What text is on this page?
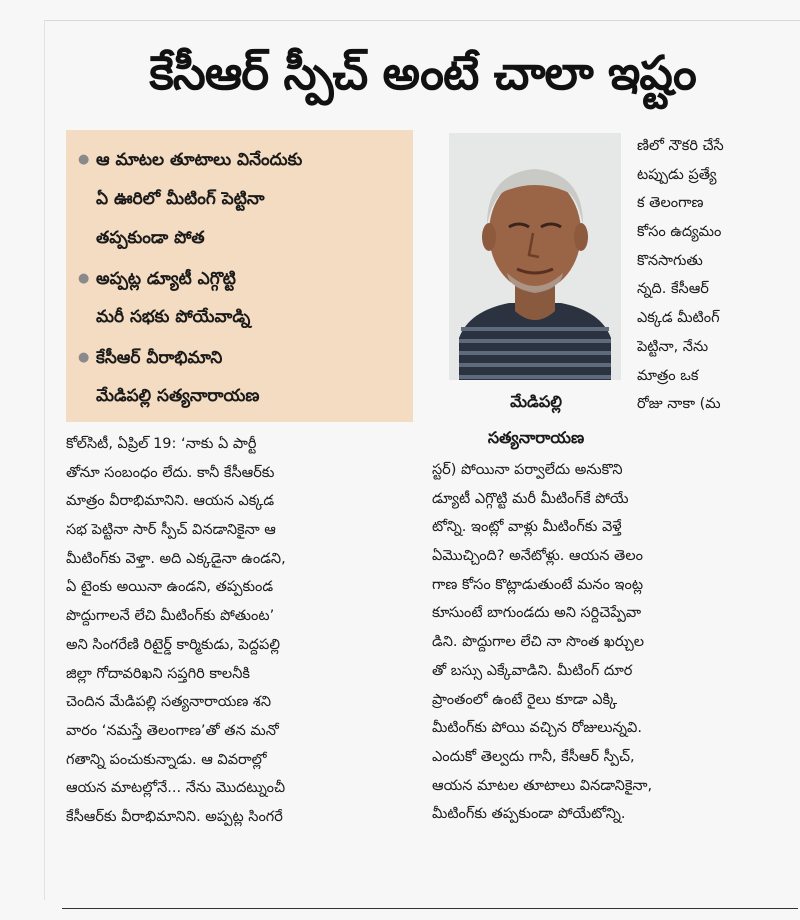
కేసీఆర్ స్పీచ్ అంటే చాలా ఇష్టం
● ఆ మాటల తూటాలు వినేందుకు
ఏ ఊరిలో మీటింగ్ పెట్టినా
తప్పకుండా పోత
● అప్పట్ల డ్యూటీ ఎగ్గొట్టి
మరీ సభకు పోయేవాడ్ని
● కేసీఆర్ వీరాభిమాని
మేడిపల్లి సత్యనారాయణ	మేడిపల్లి
సత్యనారాయణ
ణిలో నౌకరి చేసే
టప్పుడు ప్రత్యే
క తెలంగాణ
కోసం ఉద్యమం
కొనసాగుతు
న్నది. కేసీఆర్
ఎక్కడ మీటింగ్
పెట్టినా, నేను
మాత్రం ఒక
రోజు నాకా (మ
కోల్‌సిటీ, ఏప్రిల్ 19: ‘నాకు ఏ పార్టీ
తోనూ సంబంధం లేదు. కానీ కేసీఆర్‌కు
మాత్రం వీరాభిమానిని. ఆయన ఎక్కడ
సభ పెట్టినా సార్ స్పీచ్ వినడానికైనా ఆ
మీటింగ్‌కు వెళ్తా. అది ఎక్కడైనా ఉండని,
ఏ టైంకు అయినా ఉండని, తప్పకుండ
పొద్దుగాలనే లేచి మీటింగ్‌కు పోతుంట’
అని సింగరేణి రిటైర్డ్ కార్మికుడు, పెద్దపల్లి
జిల్లా గోదావరిఖని సప్తగిరి కాలనీకి
చెందిన మేడిపల్లి సత్యనారాయణ శని
వారం ‘నమస్తే తెలంగాణ’తో తన మనో
గతాన్ని పంచుకున్నాడు. ఆ వివరాల్లో
ఆయన మాటల్లోనే... నేను మొదట్నుంచీ
కేసీఆర్‌కు వీరాభిమానిని. అప్పట్ల సింగరే
స్టర్) పోయినా పర్వాలేదు అనుకొని
డ్యూటీ ఎగ్గొట్టి మరీ మీటింగ్‌కే పోయే
టోన్ని. ఇంట్లో వాళ్లు మీటింగ్‌కు వెళ్తే
ఏమొచ్చింది? అనేటోళ్లు. ఆయన తెలం
గాణ కోసం కొట్లాడుతుంటే మనం ఇంట్ల
కూసుంటే బాగుండదు అని సర్దిచెప్పేవా
డిని. పొద్దుగాల లేచి నా సొంత ఖర్చుల
తో బస్సు ఎక్కేవాడిని. మీటింగ్ దూర
ప్రాంతంలో ఉంటే రైలు కూడా ఎక్కి
మీటింగ్‌కు పోయి వచ్చిన రోజులున్నవి.
ఎందుకో తెల్వదు గానీ, కేసీఆర్ స్పీచ్,
ఆయన మాటల తూటాలు వినడానికైనా,
మీటింగ్‌కు తప్పకుండా పోయేటోన్ని.
